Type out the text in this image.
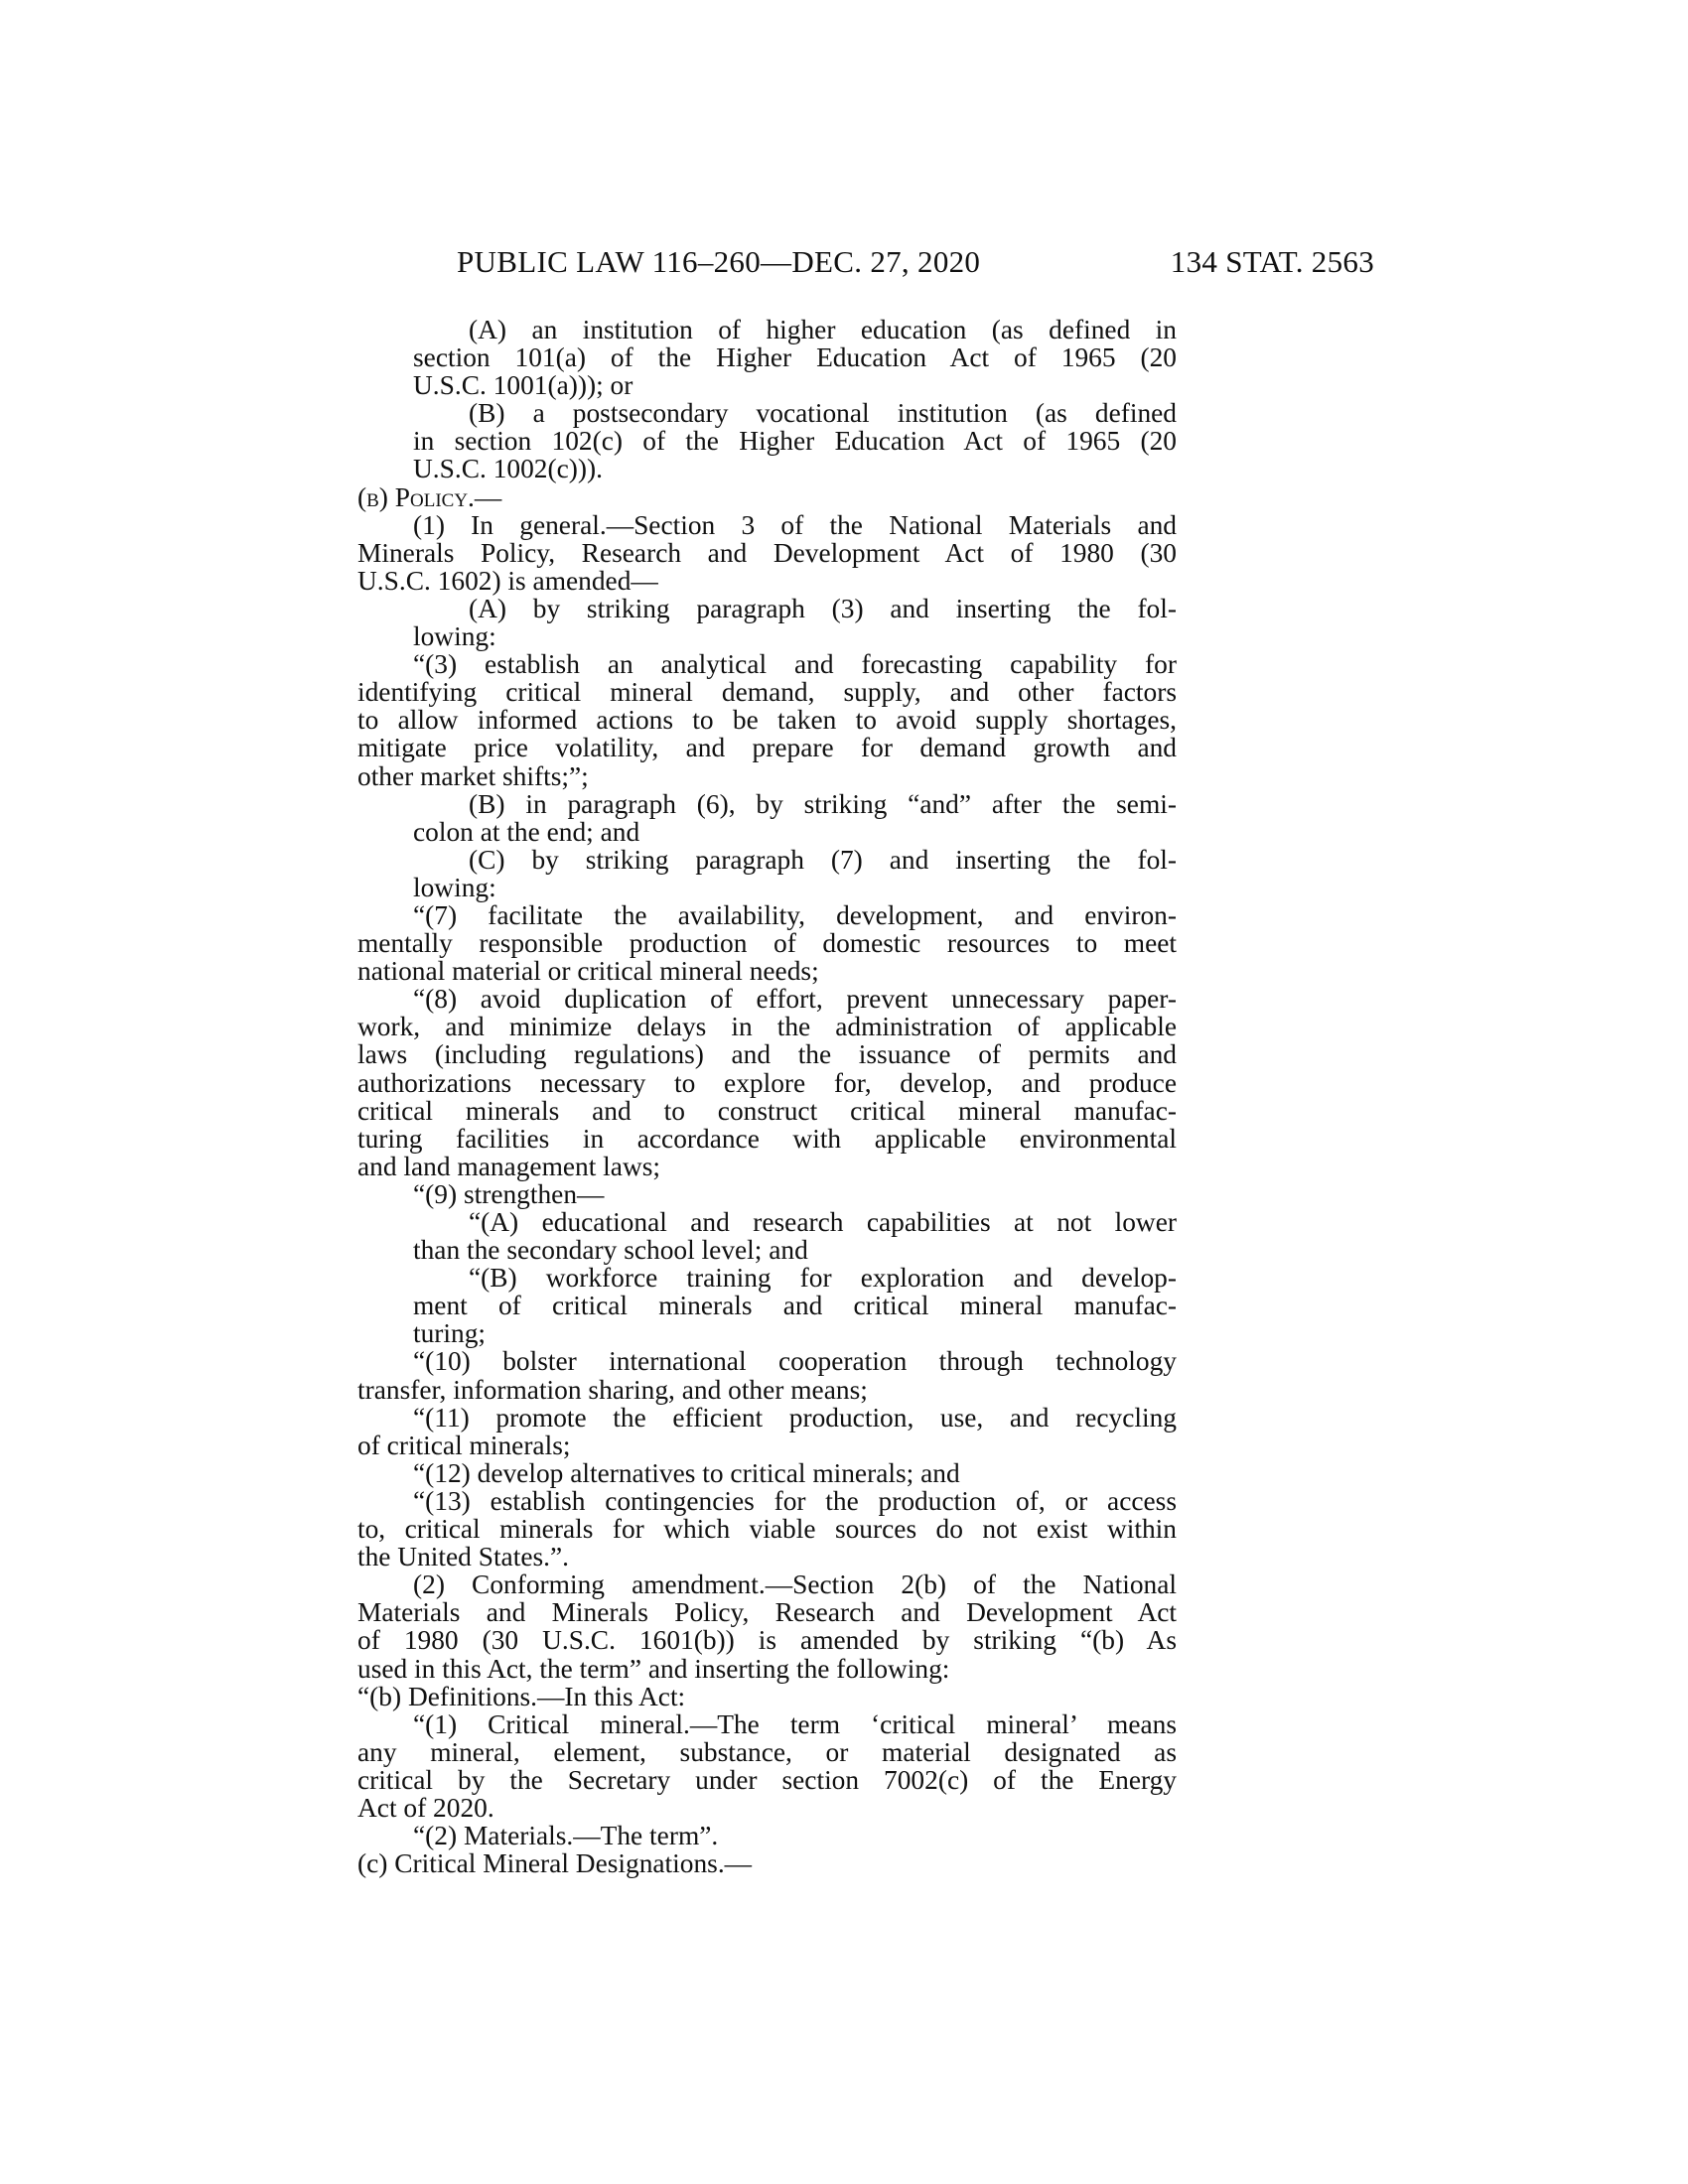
PUBLIC LAW 116–260—DEC. 27, 2020	134 STAT. 2563
(A) an institution of higher education (as defined in
section 101(a) of the Higher Education Act of 1965 (20
U.S.C. 1001(a))); or
(B) a postsecondary vocational institution (as defined
in section 102(c) of the Higher Education Act of 1965 (20
U.S.C. 1002(c))).
(b) Policy.—
(1) In general.—Section 3 of the National Materials and
Minerals Policy, Research and Development Act of 1980 (30
U.S.C. 1602) is amended—
(A) by striking paragraph (3) and inserting the fol-
lowing:
“(3) establish an analytical and forecasting capability for
identifying critical mineral demand, supply, and other factors
to allow informed actions to be taken to avoid supply shortages,
mitigate price volatility, and prepare for demand growth and
other market shifts;”;
(B) in paragraph (6), by striking “and” after the semi-
colon at the end; and
(C) by striking paragraph (7) and inserting the fol-
lowing:
“(7) facilitate the availability, development, and environ-
mentally responsible production of domestic resources to meet
national material or critical mineral needs;
“(8) avoid duplication of effort, prevent unnecessary paper-
work, and minimize delays in the administration of applicable
laws (including regulations) and the issuance of permits and
authorizations necessary to explore for, develop, and produce
critical minerals and to construct critical mineral manufac-
turing facilities in accordance with applicable environmental
and land management laws;
“(9) strengthen—
“(A) educational and research capabilities at not lower
than the secondary school level; and
“(B) workforce training for exploration and develop-
ment of critical minerals and critical mineral manufac-
turing;
“(10) bolster international cooperation through technology
transfer, information sharing, and other means;
“(11) promote the efficient production, use, and recycling
of critical minerals;
“(12) develop alternatives to critical minerals; and
“(13) establish contingencies for the production of, or access
to, critical minerals for which viable sources do not exist within
the United States.”.
(2) Conforming amendment.—Section 2(b) of the National
Materials and Minerals Policy, Research and Development Act
of 1980 (30 U.S.C. 1601(b)) is amended by striking “(b) As
used in this Act, the term” and inserting the following:
“(b) Definitions.—In this Act:
“(1) Critical mineral.—The term ‘critical mineral’ means
any mineral, element, substance, or material designated as
critical by the Secretary under section 7002(c) of the Energy
Act of 2020.
“(2) Materials.—The term”.
(c) Critical Mineral Designations.—
